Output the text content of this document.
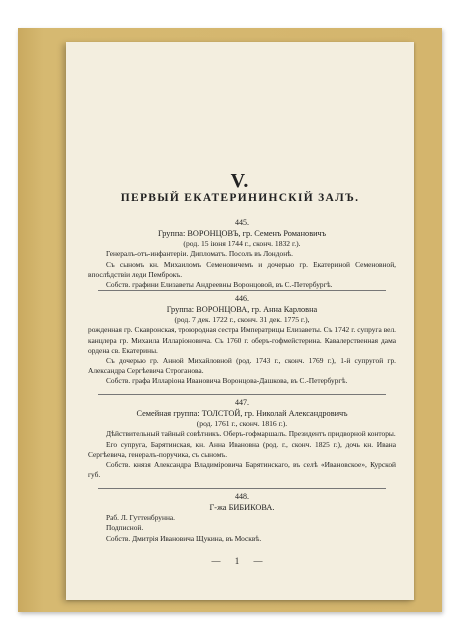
V.
ПЕРВЫЙ ЕКАТЕРИНИНСКІЙ ЗАЛЪ.
445.
Группа: ВОРОНЦОВЪ, гр. Семенъ Романовичъ
(род. 15 іюня 1744 г., сконч. 1832 г.).
Генералъ-отъ-инфантеріи. Дипломатъ. Посолъ въ Лондонѣ.
Съ сыномъ кн. Михаиломъ Семеновичемъ и дочерью гр. Екатериной Семеновной, впослѣдствіи леди Пемброкъ.
Собств. графини Елизаветы Андреевны Воронцовой, въ С.-Петербургѣ.
446.
Группа: ВОРОНЦОВА, гр. Анна Карловна
(род. 7 дек. 1722 г., сконч. 31 дек. 1775 г.),
рожденная гр. Скавронская, троюродная сестра Императрицы Елизаветы. Съ 1742 г. супруга вел. канцлера гр. Михаила Илларіоновича. Съ 1760 г. оберъ-гофмейстерина. Кавалерственная дама ордена св. Екатерины.
Съ дочерью гр. Анной Михайловной (род. 1743 г., сконч. 1769 г.), 1-й супругой гр. Александра Сергѣевича Строганова.
Собств. графа Илларіона Ивановича Воронцова-Дашкова, въ С.-Петербургѣ.
447.
Семейная группа: ТОЛСТОЙ, гр. Николай Александровичъ
(род. 1761 г., сконч. 1816 г.).
Дѣйствительный тайный совѣтникъ. Оберъ-гофмаршалъ. Президентъ придворной конторы.
Его супруга, Барятинская, кн. Анна Ивановна (род. г., сконч. 1825 г.), дочь кн. Ивана Сергѣевича, генералъ-поручика, съ сыномъ.
Собств. князя Александра Владиміровича Барятинскаго, въ селѣ «Ивановское», Курской губ.
448.
Г-жа БИБИКОВА.
Раб. Л. Гуттенбрунна.
Подписной.
Собств. Дмитрія Ивановича Щукина, въ Москвѣ.
— 1 —
